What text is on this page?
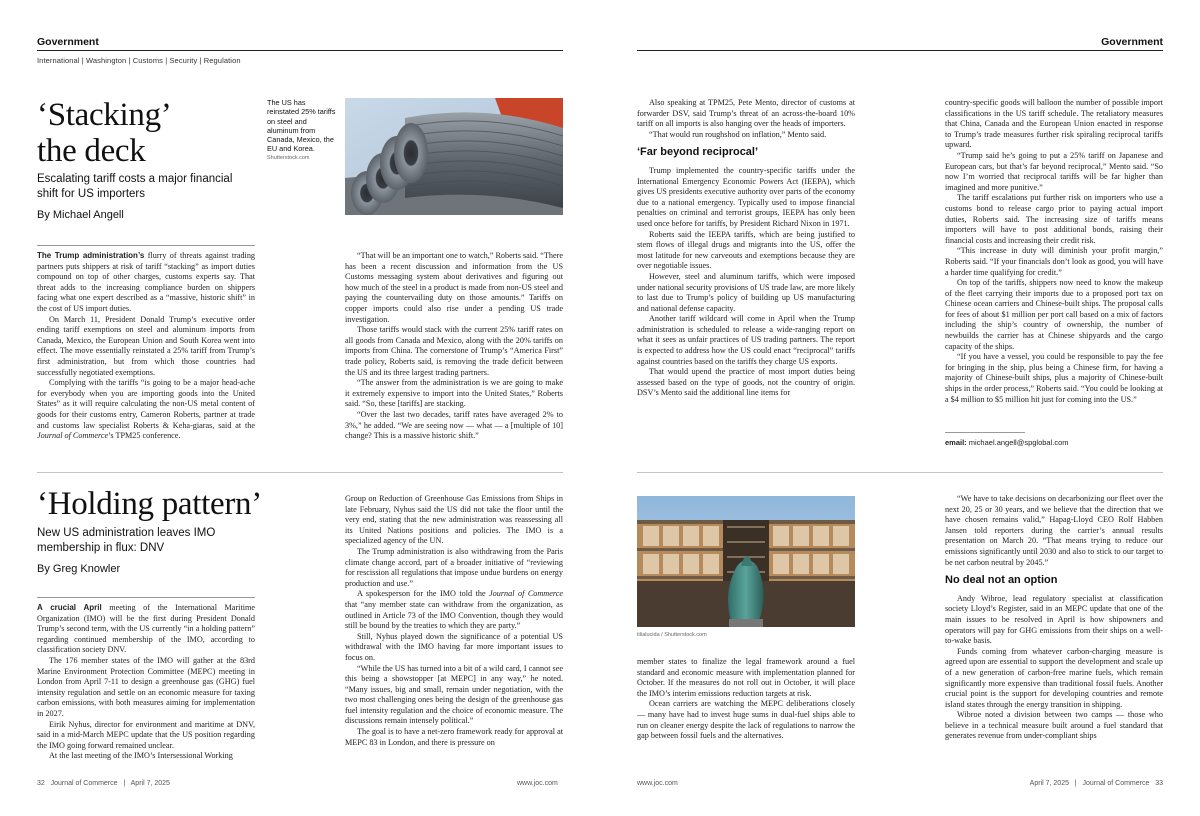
Government	Government
International | Washington | Customs | Security | Regulation
‘Stacking’
the deck
Escalating tariff costs a major financial shift for US importers
By Michael Angell
The US has reinstated 25% tariffs on steel and aluminum from Canada, Mexico, the EU and Korea.
Shutterstock.com

The Trump administration’s flurry of threats against trading partners puts shippers at risk of tariff “stacking” as import duties compound on top of other charges, customs experts say. That threat adds to the increasing compliance burden on shippers facing what one expert described as a “massive, historic shift” in the cost of US import duties.

On March 11, President Donald Trump’s executive order ending tariff exemptions on steel and aluminum imports from Canada, Mexico, the European Union and South Korea went into effect. The move essentially reinstated a 25% tariff from Trump’s first administration, but from which those countries had successfully negotiated exemptions.

Complying with the tariffs “is going to be a major head-ache for everybody when you are importing goods into the United States” as it will require calculating the non-US metal content of goods for their customs entry, Cameron Roberts, partner at trade and customs law specialist Roberts & Keha-giaras, said at the Journal of Commerce’s TPM25 conference.

“That will be an important one to watch,” Roberts said. “There has been a recent discussion and information from the US Customs messaging system about derivatives and figuring out how much of the steel in a product is made from non-US steel and paying the countervailing duty on those amounts.” Tariffs on copper imports could also rise under a pending US trade investigation.

Those tariffs would stack with the current 25% tariff rates on all goods from Canada and Mexico, along with the 20% tariffs on imports from China. The cornerstone of Trump’s “America First” trade policy, Roberts said, is removing the trade deficit between the US and its three largest trading partners.

“The answer from the administration is we are going to make it extremely expensive to import into the United States,” Roberts said. “So, these [tariffs] are stacking.

“Over the last two decades, tariff rates have averaged 2% to 3%,” he added. “We are seeing now — what — a [multiple of 10] change? This is a massive historic shift.”

Also speaking at TPM25, Pete Mento, director of customs at forwarder DSV, said Trump’s threat of an across-the-board 10% tariff on all imports is also hanging over the heads of importers.

“That would run roughshod on inflation,” Mento said.

‘Far beyond reciprocal’

Trump implemented the country-specific tariffs under the International Emergency Economic Powers Act (IEEPA), which gives US presidents executive authority over parts of the economy due to a national emergency. Typically used to impose financial penalties on criminal and terrorist groups, IEEPA has only been used once before for tariffs, by President Richard Nixon in 1971.

Roberts said the IEEPA tariffs, which are being justified to stem flows of illegal drugs and migrants into the US, offer the most latitude for new carveouts and exemptions because they are over negotiable issues.

However, steel and aluminum tariffs, which were imposed under national security provisions of US trade law, are more likely to last due to Trump’s policy of building up US manufacturing and national defense capacity.

Another tariff wildcard will come in April when the Trump administration is scheduled to release a wide-ranging report on what it sees as unfair practices of US trading partners. The report is expected to address how the US could enact “reciprocal” tariffs against countries based on the tariffs they charge US exports.

That would upend the practice of most import duties being assessed based on the type of goods, not the country of origin. DSV’s Mento said the additional line items for

country-specific goods will balloon the number of possible import classifications in the US tariff schedule. The retaliatory measures that China, Canada and the European Union enacted in response to Trump’s trade measures further risk spiraling reciprocal tariffs upward.

“Trump said he’s going to put a 25% tariff on Japanese and European cars, but that’s far beyond reciprocal,” Mento said. “So now I’m worried that reciprocal tariffs will be far higher than imagined and more punitive.”

The tariff escalations put further risk on importers who use a customs bond to release cargo prior to paying actual import duties, Roberts said. The increasing size of tariffs means importers will have to post additional bonds, raising their financial costs and increasing their credit risk.

“This increase in duty will diminish your profit margin,” Roberts said. “If your financials don’t look as good, you will have a harder time qualifying for credit.”

On top of the tariffs, shippers now need to know the makeup of the fleet carrying their imports due to a proposed port tax on Chinese ocean carriers and Chinese-built ships. The proposal calls for fees of about $1 million per port call based on a mix of factors including the ship’s country of ownership, the number of newbuilds the carrier has at Chinese shipyards and the cargo capacity of the ships.

“If you have a vessel, you could be responsible to pay the fee for bringing in the ship, plus being a Chinese firm, for having a majority of Chinese-built ships, plus a majority of Chinese-built ships in the order process,” Roberts said. “You could be looking at a $4 million to $5 million hit just for coming into the US.”

email: michael.angell@spglobal.com
‘Holding pattern’
New US administration leaves IMO membership in flux: DNV
By Greg Knowler

A crucial April meeting of the International Maritime Organization (IMO) will be the first during President Donald Trump’s second term, with the US currently “in a holding pattern” regarding continued membership of the IMO, according to classification society DNV.

The 176 member states of the IMO will gather at the 83rd Marine Environment Protection Committee (MEPC) meeting in London from April 7-11 to design a greenhouse gas (GHG) fuel intensity regulation and settle on an economic measure for taxing carbon emissions, with both measures aiming for implementation in 2027.

Eirik Nyhus, director for environment and maritime at DNV, said in a mid-March MEPC update that the US position regarding the IMO going forward remained unclear.

At the last meeting of the IMO’s Intersessional Working

Group on Reduction of Greenhouse Gas Emissions from Ships in late February, Nyhus said the US did not take the floor until the very end, stating that the new administration was reassessing all its United Nations positions and policies. The IMO is a specialized agency of the UN.

The Trump administration is also withdrawing from the Paris climate change accord, part of a broader initiative of “reviewing for rescission all regulations that impose undue burdens on energy production and use.”

A spokesperson for the IMO told the Journal of Commerce that “any member state can withdraw from the organization, as outlined in Article 73 of the IMO Convention, though they would still be bound by the treaties to which they are party.”

Still, Nyhus played down the significance of a potential US withdrawal with the IMO having far more important issues to focus on.

“While the US has turned into a bit of a wild card, I cannot see this being a showstopper [at MEPC] in any way,” he noted. “Many issues, big and small, remain under negotiation, with the two most challenging ones being the design of the greenhouse gas fuel intensity regulation and the choice of economic measure. The discussions remain intensely political.”

The goal is to have a net-zero framework ready for approval at MEPC 83 in London, and there is pressure on

tilialucida / Shutterstock.com

member states to finalize the legal framework around a fuel standard and economic measure with implementation planned for October. If the measures do not roll out in October, it will place the IMO’s interim emissions reduction targets at risk.

Ocean carriers are watching the MEPC deliberations closely — many have had to invest huge sums in dual-fuel ships able to run on cleaner energy despite the lack of regulations to narrow the gap between fossil fuels and the alternatives.

“We have to take decisions on decarbonizing our fleet over the next 20, 25 or 30 years, and we believe that the direction that we have chosen remains valid,” Hapag-Lloyd CEO Rolf Habben Jansen told reporters during the carrier’s annual results presentation on March 20. “That means trying to reduce our emissions significantly until 2030 and also to stick to our target to be net carbon neutral by 2045.”

No deal not an option

Andy Wibroe, lead regulatory specialist at classification society Lloyd’s Register, said in an MEPC update that one of the main issues to be resolved in April is how shipowners and operators will pay for GHG emissions from their ships on a well-to-wake basis.

Funds coming from whatever carbon-charging measure is agreed upon are essential to support the development and scale up of a new generation of carbon-free marine fuels, which remain significantly more expensive than traditional fossil fuels. Another crucial point is the support for developing countries and remote island states through the energy transition in shipping.

Wibroe noted a division between two camps — those who believe in a technical measure built around a fuel standard that generates revenue from under-compliant ships

32   Journal of Commerce   |   April 7, 2025	www.joc.com	www.joc.com	April 7, 2025   |   Journal of Commerce   33
